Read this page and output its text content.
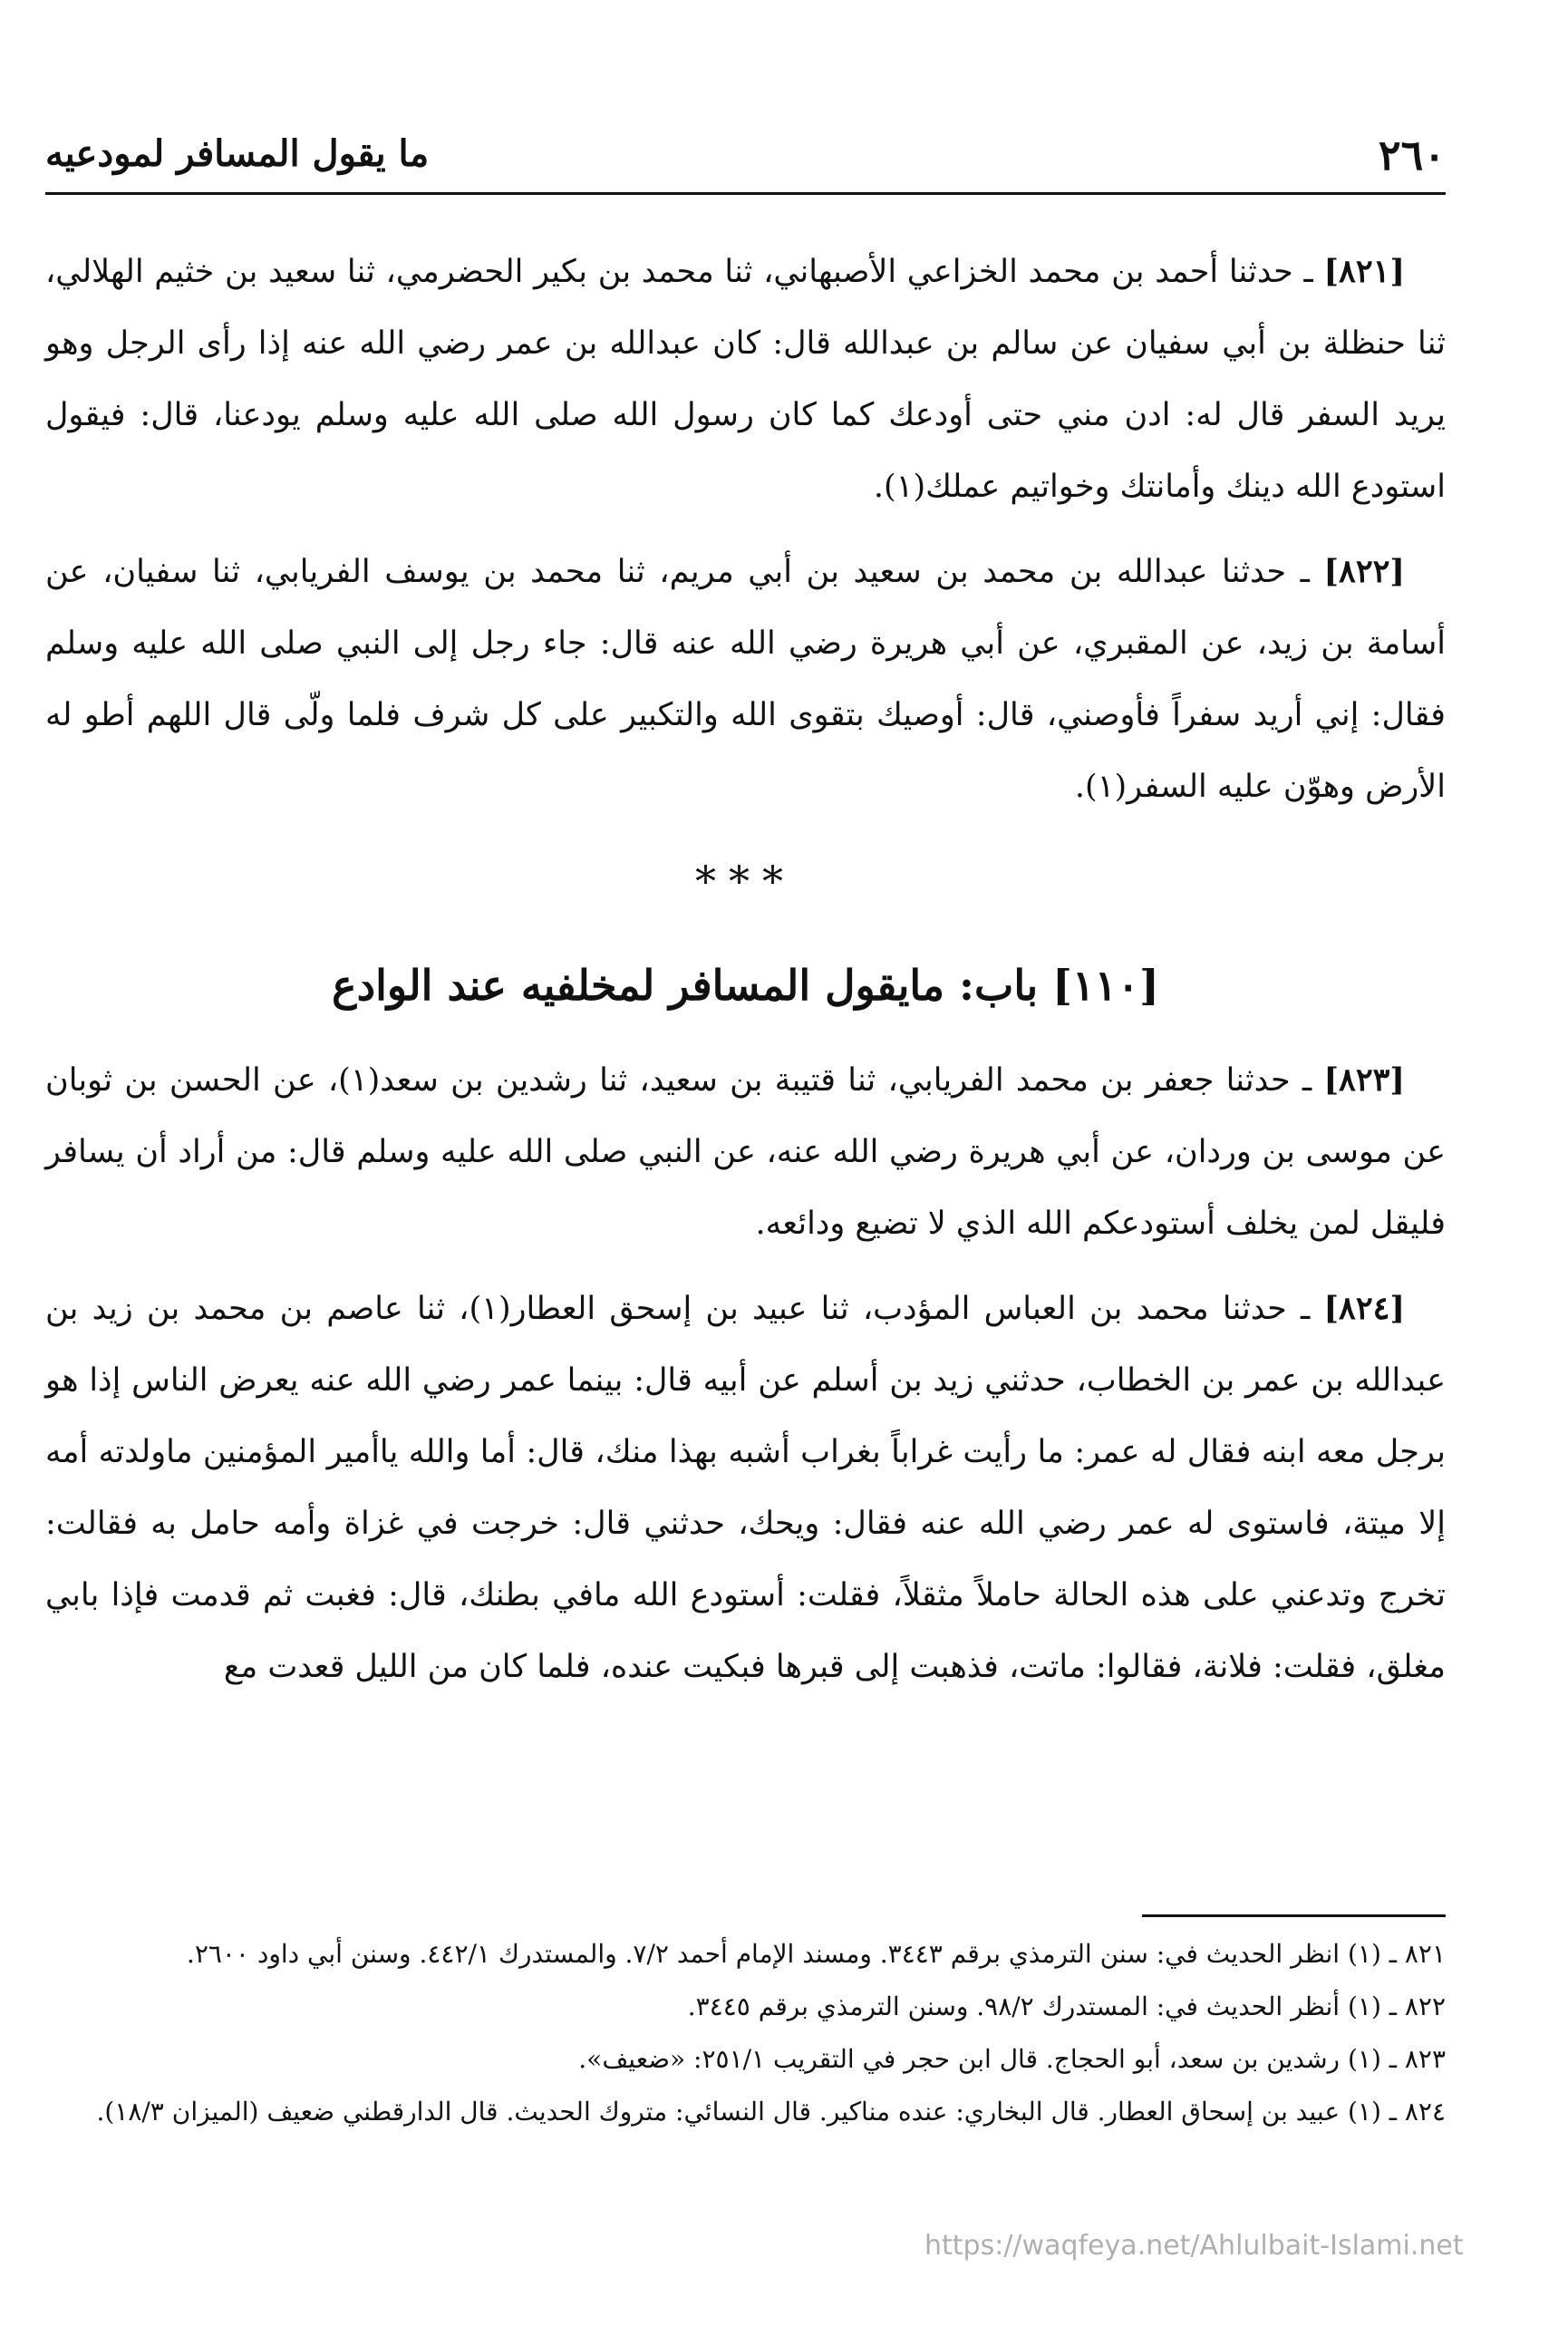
٢٦٠
ما يقول المسافر لمودعيه

[٨٢١] ـ حدثنا أحمد بن محمد الخزاعي الأصبهاني، ثنا محمد بن بكير الحضرمي، ثنا سعيد بن خثيم الهلالي، ثنا حنظلة بن أبي سفيان عن سالم بن عبدالله قال: كان عبدالله بن عمر رضي الله عنه إذا رأى الرجل وهو يريد السفر قال له: ادن مني حتى أودعك كما كان رسول الله صلى الله عليه وسلم يودعنا، قال: فيقول استودع الله دينك وأمانتك وخواتيم عملك(١).

[٨٢٢] ـ حدثنا عبدالله بن محمد بن سعيد بن أبي مريم، ثنا محمد بن يوسف الفريابي، ثنا سفيان، عن أسامة بن زيد، عن المقبري، عن أبي هريرة رضي الله عنه قال: جاء رجل إلى النبي صلى الله عليه وسلم فقال: إني أريد سفراً فأوصني، قال: أوصيك بتقوى الله والتكبير على كل شرف فلما ولّى قال اللهم أطو له الأرض وهوّن عليه السفر(١).

***
[١١٠] باب: مايقول المسافر لمخلفيه عند الوادع

[٨٢٣] ـ حدثنا جعفر بن محمد الفريابي، ثنا قتيبة بن سعيد، ثنا رشدين بن سعد(١)، عن الحسن بن ثوبان عن موسى بن وردان، عن أبي هريرة رضي الله عنه، عن النبي صلى الله عليه وسلم قال: من أراد أن يسافر فليقل لمن يخلف أستودعكم الله الذي لا تضيع ودائعه.

[٨٢٤] ـ حدثنا محمد بن العباس المؤدب، ثنا عبيد بن إسحق العطار(١)، ثنا عاصم بن محمد بن زيد بن عبدالله بن عمر بن الخطاب، حدثني زيد بن أسلم عن أبيه قال: بينما عمر رضي الله عنه يعرض الناس إذا هو برجل معه ابنه فقال له عمر: ما رأيت غراباً بغراب أشبه بهذا منك، قال: أما والله ياأمير المؤمنين ماولدته أمه إلا ميتة، فاستوى له عمر رضي الله عنه فقال: ويحك، حدثني قال: خرجت في غزاة وأمه حامل به فقالت: تخرج وتدعني على هذه الحالة حاملاً مثقلاً، فقلت: أستودع الله مافي بطنك، قال: فغبت ثم قدمت فإذا بابي مغلق، فقلت: فلانة، فقالوا: ماتت، فذهبت إلى قبرها فبكيت عنده، فلما كان من الليل قعدت مع

٨٢١ ـ (١) انظر الحديث في: سنن الترمذي برقم ٣٤٤٣. ومسند الإمام أحمد ٧/٢. والمستدرك ٤٤٢/١. وسنن أبي داود ٢٦٠٠.

٨٢٢ ـ (١) أنظر الحديث في: المستدرك ٩٨/٢. وسنن الترمذي برقم ٣٤٤٥.

٨٢٣ ـ (١) رشدين بن سعد، أبو الحجاج. قال ابن حجر في التقريب ٢٥١/١: «ضعيف».

٨٢٤ ـ (١) عبيد بن إسحاق العطار. قال البخاري: عنده مناكير. قال النسائي: متروك الحديث. قال الدارقطني ضعيف (الميزان ١٨/٣).

https://waqfeya.net/Ahlulbait-Islami.net
